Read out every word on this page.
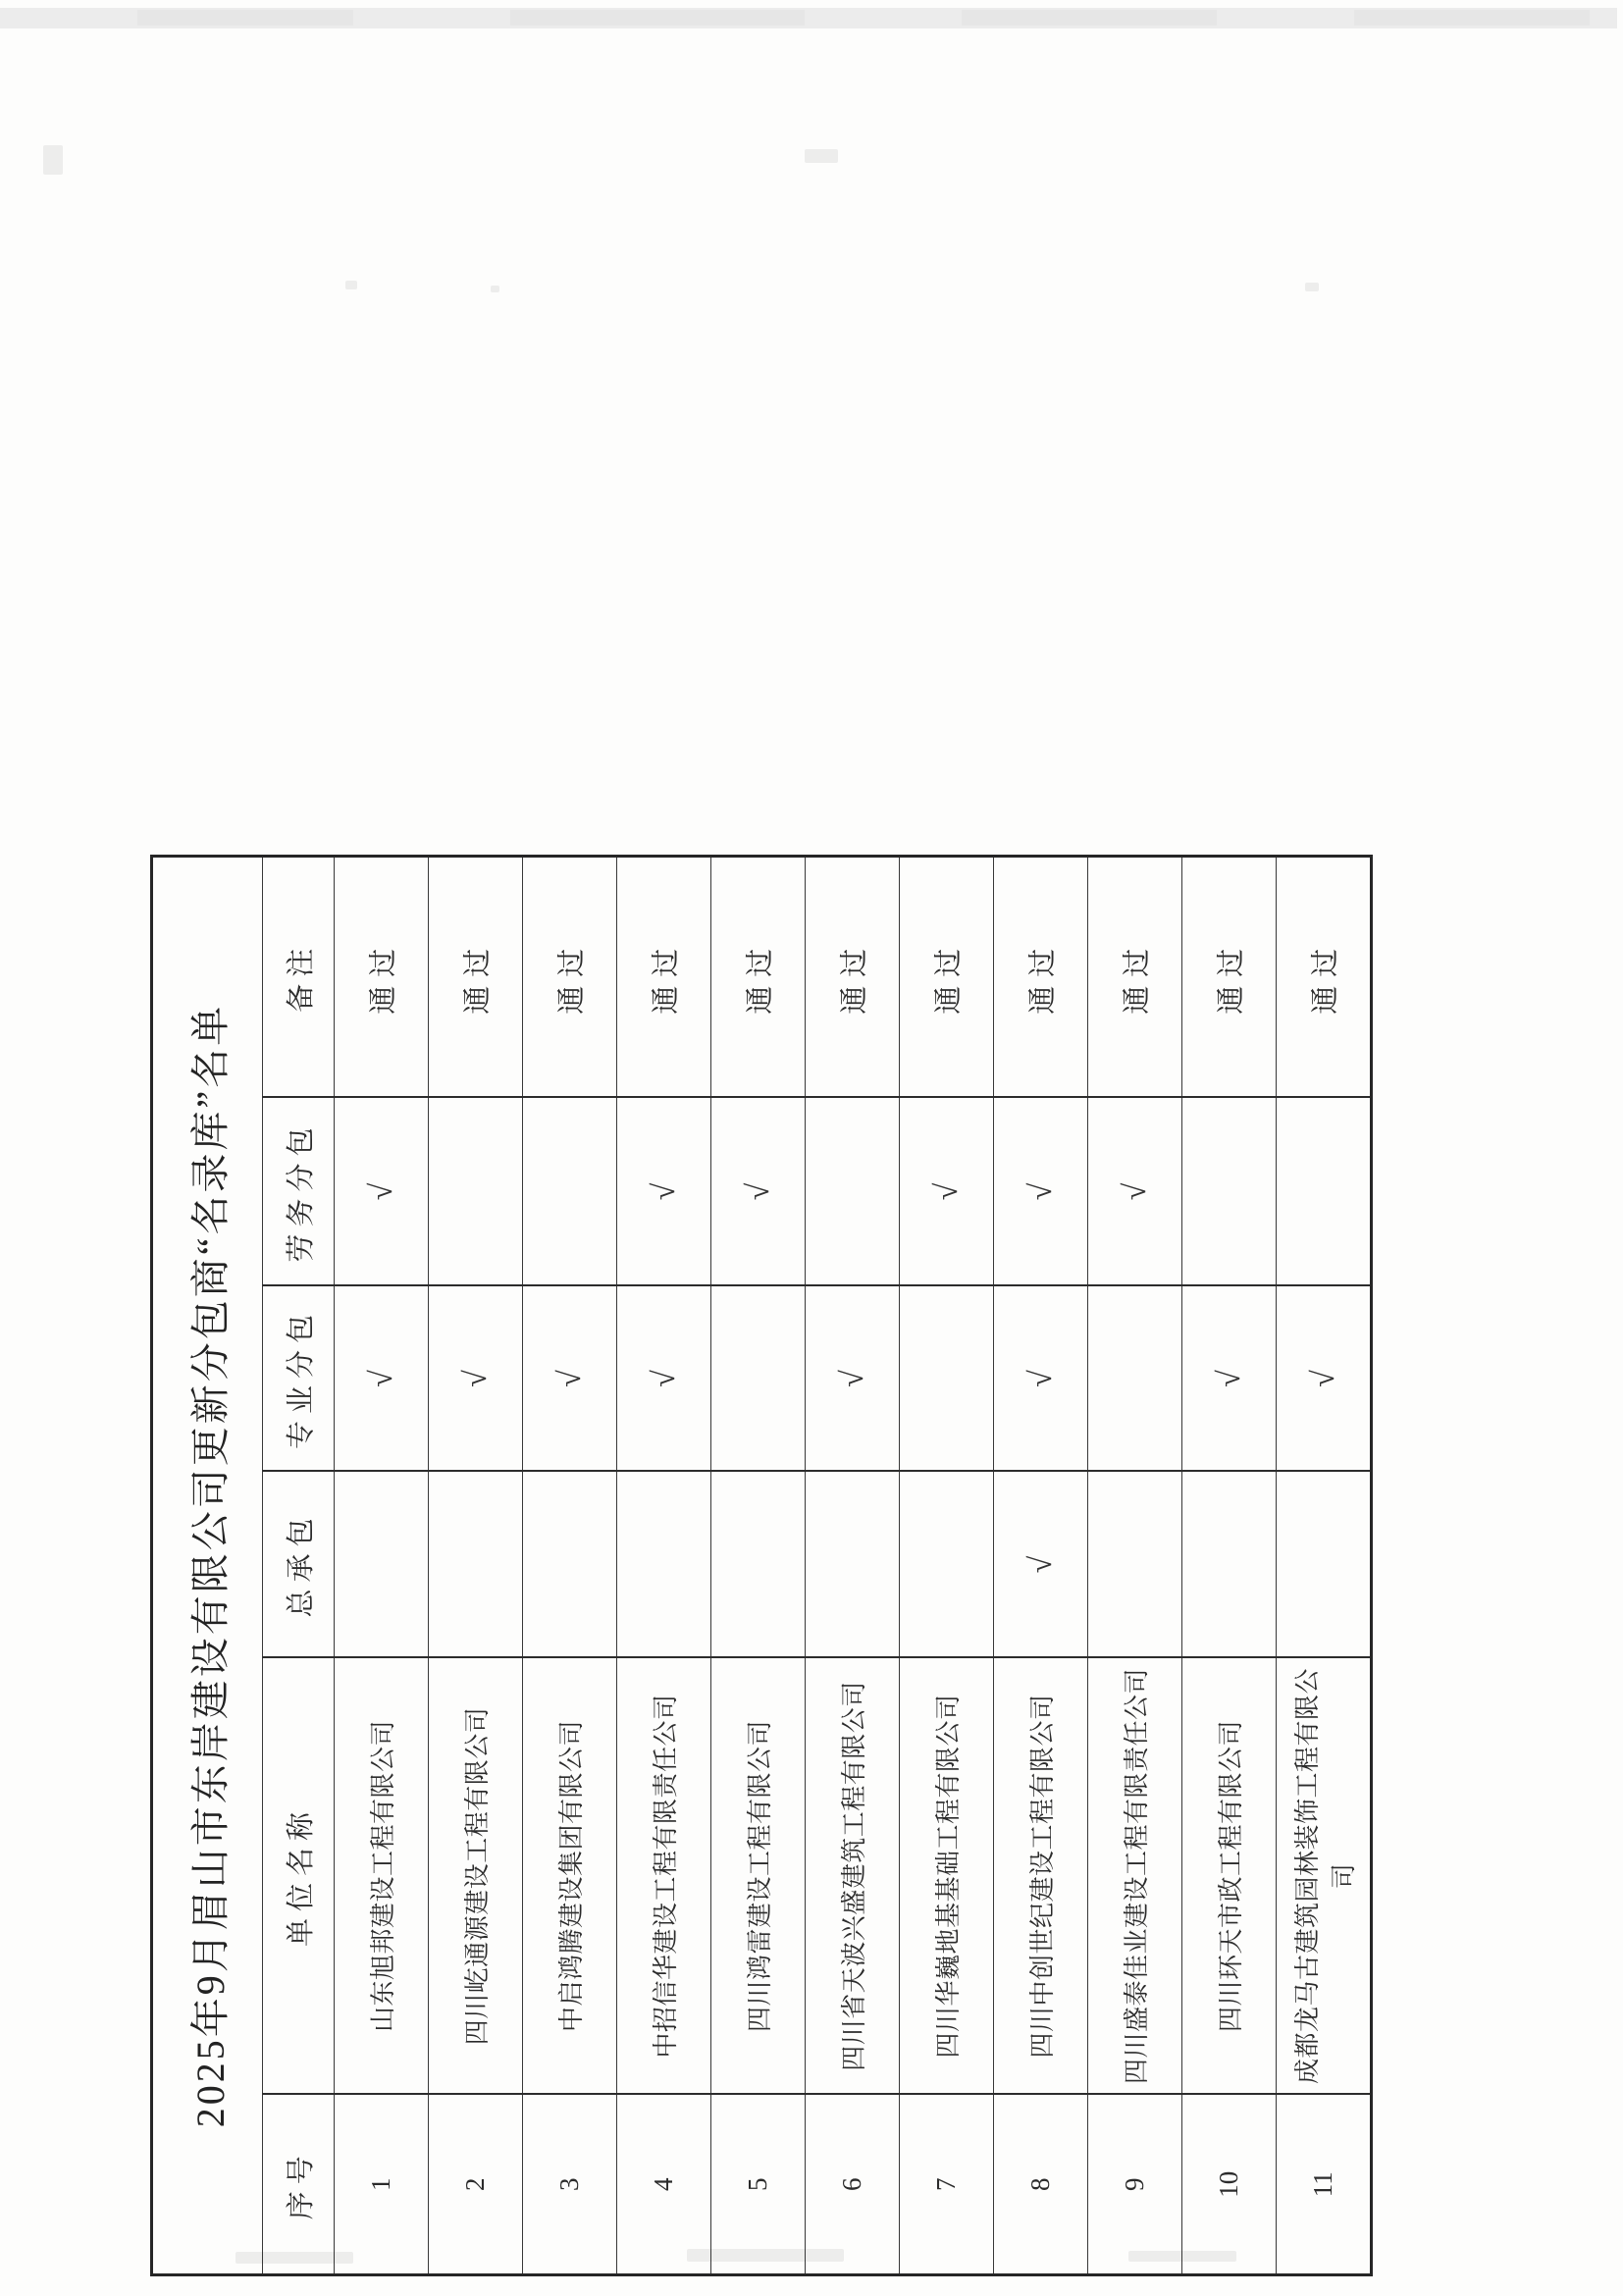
2025年9月眉山市东岸建设有限公司更新分包商“名录库”名单					
序号	单位名称	总承包	专业分包	劳务分包	备注
1	山东旭邦建设工程有限公司		√	√	通过
2	四川屹通源建设工程有限公司		√		通过
3	中启鸿腾建设集团有限公司		√		通过
4	中招信华建设工程有限责任公司		√	√	通过
5	四川鸿雷建设工程有限公司			√	通过
6	四川省天波兴盛建筑工程有限公司		√		通过
7	四川华巍地基基础工程有限公司			√	通过
8	四川中创世纪建设工程有限公司	√	√	√	通过
9	四川盛泰佳业建设工程有限责任公司			√	通过
10	四川环天市政工程有限公司		√		通过
11	成都龙马古建筑园林装饰工程有限公司		√		通过
